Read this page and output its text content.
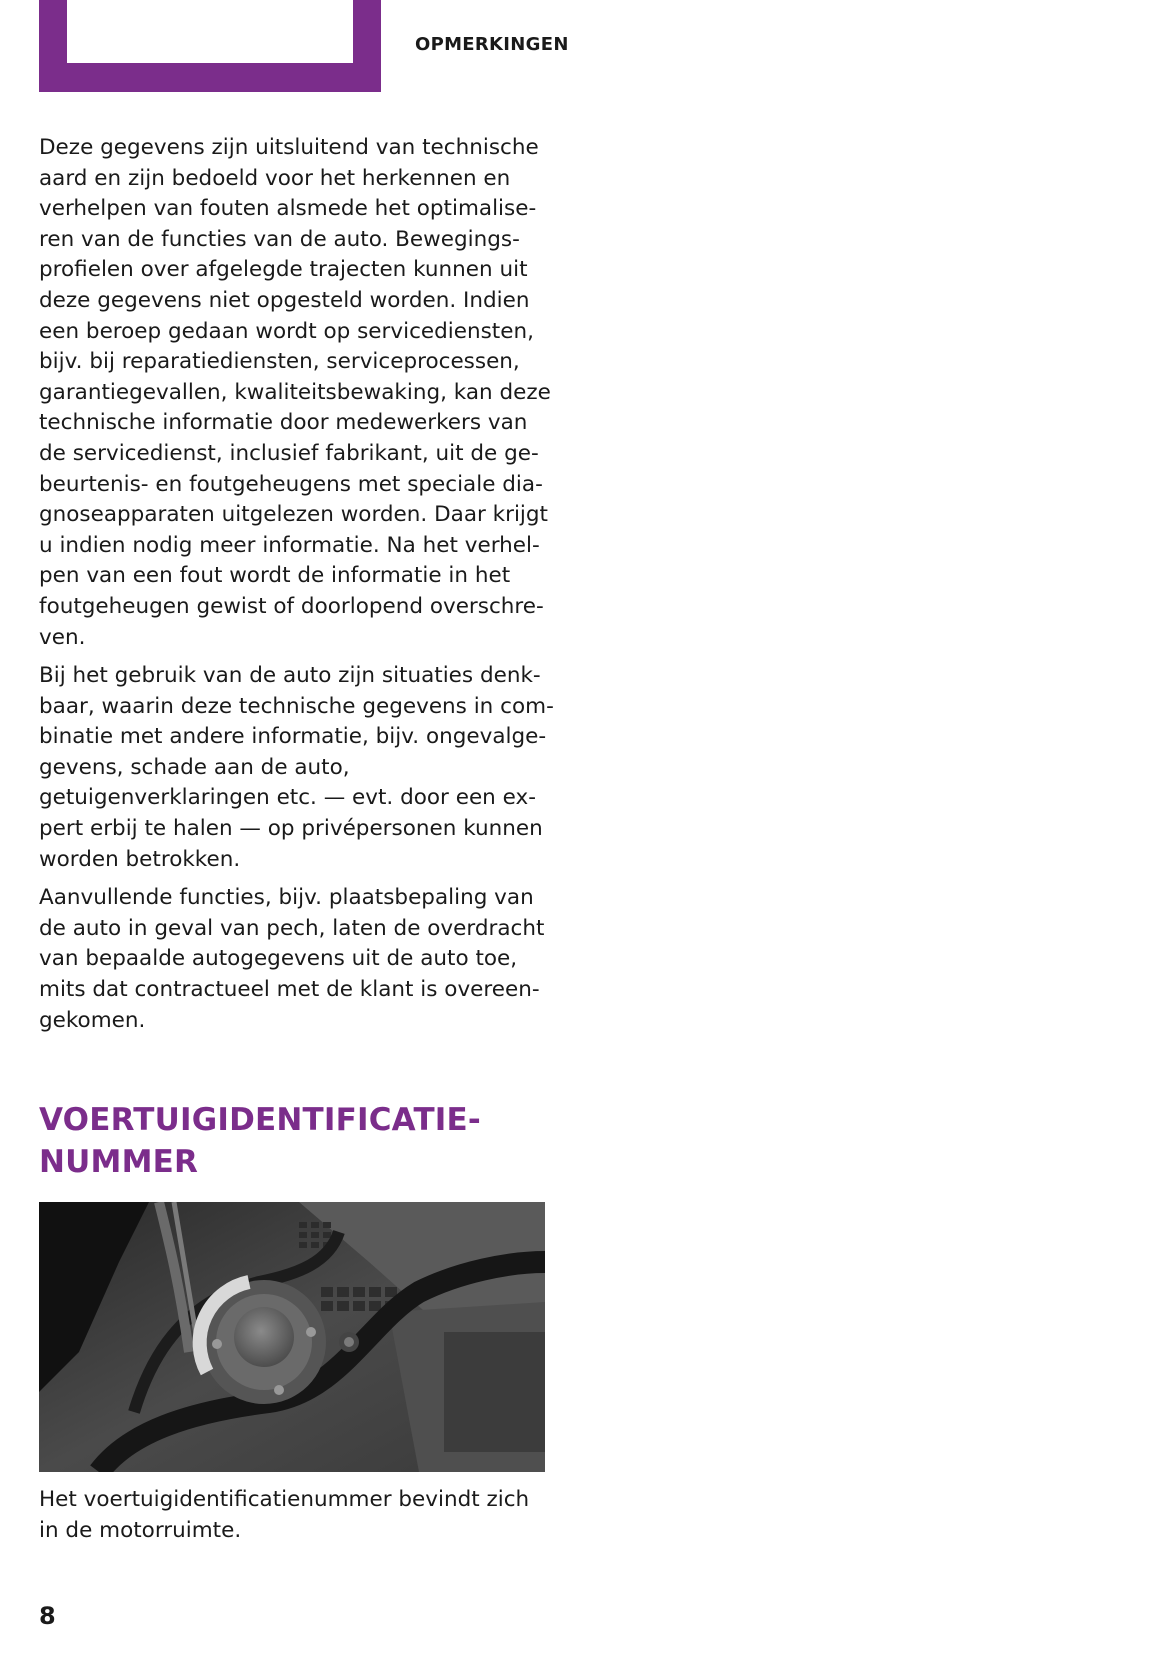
OPMERKINGEN

Deze gegevens zijn uitsluitend van technische
aard en zijn bedoeld voor het herkennen en
verhelpen van fouten alsmede het optimalise-
ren van de functies van de auto. Bewegings-
profielen over afgelegde trajecten kunnen uit
deze gegevens niet opgesteld worden. Indien
een beroep gedaan wordt op servicediensten,
bijv. bij reparatiediensten, serviceprocessen,
garantiegevallen, kwaliteitsbewaking, kan deze
technische informatie door medewerkers van
de servicedienst, inclusief fabrikant, uit de ge-
beurtenis- en foutgeheugens met speciale dia-
gnoseapparaten uitgelezen worden. Daar krijgt
u indien nodig meer informatie. Na het verhel-
pen van een fout wordt de informatie in het
foutgeheugen gewist of doorlopend overschre-
ven.

Bij het gebruik van de auto zijn situaties denk-
baar, waarin deze technische gegevens in com-
binatie met andere informatie, bijv. ongevalge-
gevens, schade aan de auto,
getuigenverklaringen etc. — evt. door een ex-
pert erbij te halen — op privépersonen kunnen
worden betrokken.

Aanvullende functies, bijv. plaatsbepaling van
de auto in geval van pech, laten de overdracht
van bepaalde autogegevens uit de auto toe,
mits dat contractueel met de klant is overeen-
gekomen.

VOERTUIGIDENTIFICATIE-
NUMMER
Het voertuigidentificatienummer bevindt zich
in de motorruimte.
8
